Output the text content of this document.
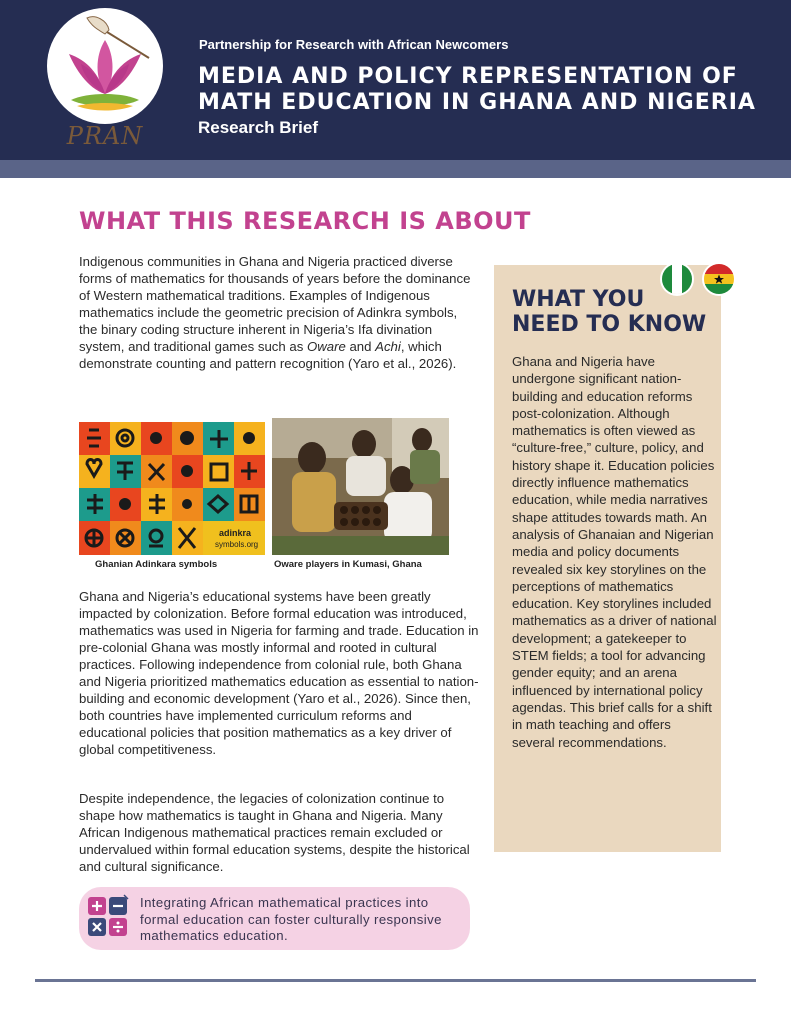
PRAN
Partnership for Research with African Newcomers
MEDIA AND POLICY REPRESENTATION OF
MATH EDUCATION IN GHANA AND NIGERIA
Research Brief
WHAT THIS RESEARCH IS ABOUT
Indigenous communities in Ghana and Nigeria practiced diverse forms of mathematics for thousands of years before the dominance of Western mathematical traditions. Examples of Indigenous mathematics include the geometric precision of Adinkra symbols, the binary coding structure inherent in Nigeria’s Ifa divination system, and traditional games such as Oware and Achi, which demonstrate counting and pattern recognition (Yaro et al., 2026).
adinkra
symbols.org
Ghanian Adinkara symbols	Oware players in Kumasi, Ghana
Ghana and Nigeria’s educational systems have been greatly impacted by colonization. Before formal education was introduced, mathematics was used in Nigeria for farming and trade. Education in pre-colonial Ghana was mostly informal and rooted in cultural practices. Following independence from colonial rule, both Ghana and Nigeria prioritized mathematics education as essential to nation-building and economic development (Yaro et al., 2026). Since then, both countries have implemented curriculum reforms and educational policies that position mathematics as a key driver of global competitiveness.
Despite independence, the legacies of colonization continue to shape how mathematics is taught in Ghana and Nigeria. Many African Indigenous mathematical practices remain excluded or undervalued within formal education systems, despite the historical and cultural significance.
Integrating African mathematical practices into formal education can foster culturally responsive mathematics education.
WHAT YOU NEED TO KNOW
Ghana and Nigeria have undergone significant nation-building and education reforms post-colonization. Although mathematics is often viewed as “culture-free,” culture, policy, and history shape it. Education policies directly influence mathematics education, while media narratives shape attitudes towards math. An analysis of Ghanaian and Nigerian media and policy documents revealed six key storylines on the perceptions of mathematics education. Key storylines included mathematics as a driver of national development; a gatekeeper to STEM fields; a tool for advancing gender equity; and an arena influenced by international policy agendas. This brief calls for a shift in math teaching and offers several recommendations.
